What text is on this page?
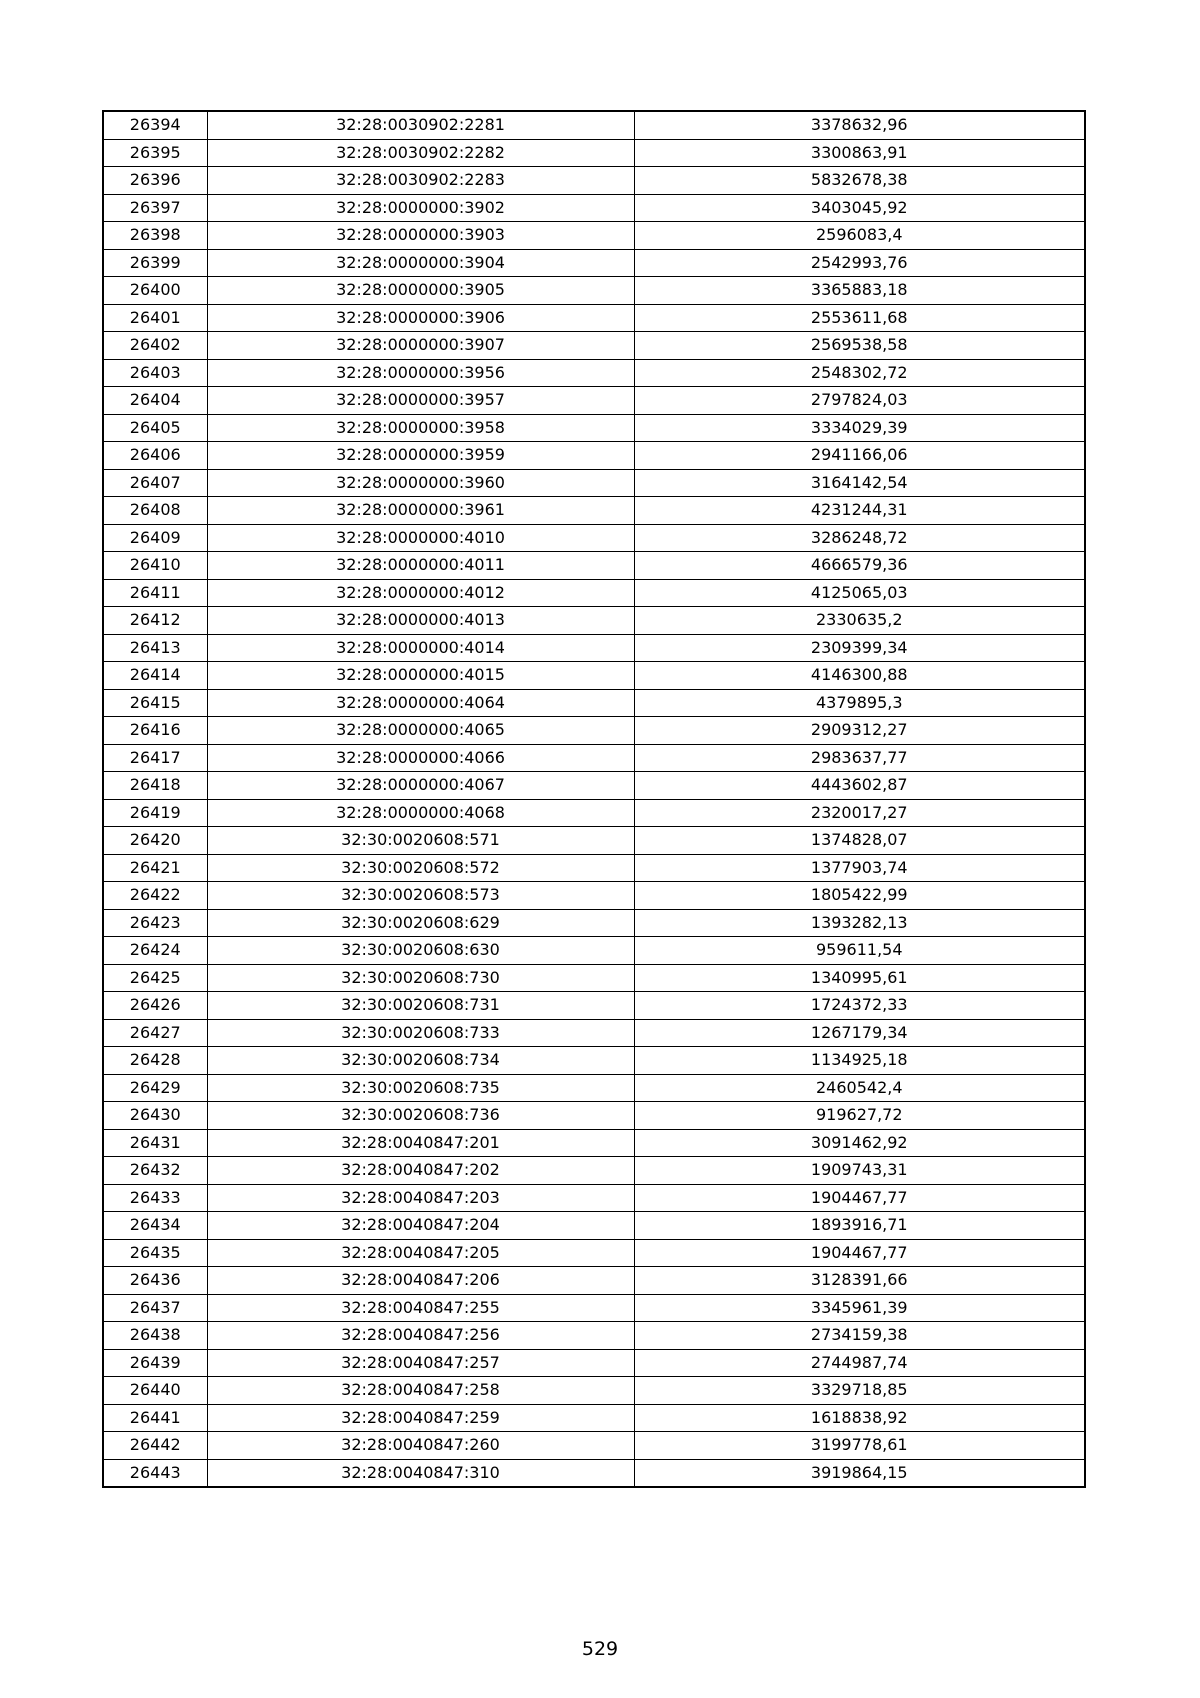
26394	32:28:0030902:2281	3378632,96
26395	32:28:0030902:2282	3300863,91
26396	32:28:0030902:2283	5832678,38
26397	32:28:0000000:3902	3403045,92
26398	32:28:0000000:3903	2596083,4
26399	32:28:0000000:3904	2542993,76
26400	32:28:0000000:3905	3365883,18
26401	32:28:0000000:3906	2553611,68
26402	32:28:0000000:3907	2569538,58
26403	32:28:0000000:3956	2548302,72
26404	32:28:0000000:3957	2797824,03
26405	32:28:0000000:3958	3334029,39
26406	32:28:0000000:3959	2941166,06
26407	32:28:0000000:3960	3164142,54
26408	32:28:0000000:3961	4231244,31
26409	32:28:0000000:4010	3286248,72
26410	32:28:0000000:4011	4666579,36
26411	32:28:0000000:4012	4125065,03
26412	32:28:0000000:4013	2330635,2
26413	32:28:0000000:4014	2309399,34
26414	32:28:0000000:4015	4146300,88
26415	32:28:0000000:4064	4379895,3
26416	32:28:0000000:4065	2909312,27
26417	32:28:0000000:4066	2983637,77
26418	32:28:0000000:4067	4443602,87
26419	32:28:0000000:4068	2320017,27
26420	32:30:0020608:571	1374828,07
26421	32:30:0020608:572	1377903,74
26422	32:30:0020608:573	1805422,99
26423	32:30:0020608:629	1393282,13
26424	32:30:0020608:630	959611,54
26425	32:30:0020608:730	1340995,61
26426	32:30:0020608:731	1724372,33
26427	32:30:0020608:733	1267179,34
26428	32:30:0020608:734	1134925,18
26429	32:30:0020608:735	2460542,4
26430	32:30:0020608:736	919627,72
26431	32:28:0040847:201	3091462,92
26432	32:28:0040847:202	1909743,31
26433	32:28:0040847:203	1904467,77
26434	32:28:0040847:204	1893916,71
26435	32:28:0040847:205	1904467,77
26436	32:28:0040847:206	3128391,66
26437	32:28:0040847:255	3345961,39
26438	32:28:0040847:256	2734159,38
26439	32:28:0040847:257	2744987,74
26440	32:28:0040847:258	3329718,85
26441	32:28:0040847:259	1618838,92
26442	32:28:0040847:260	3199778,61
26443	32:28:0040847:310	3919864,15
529
